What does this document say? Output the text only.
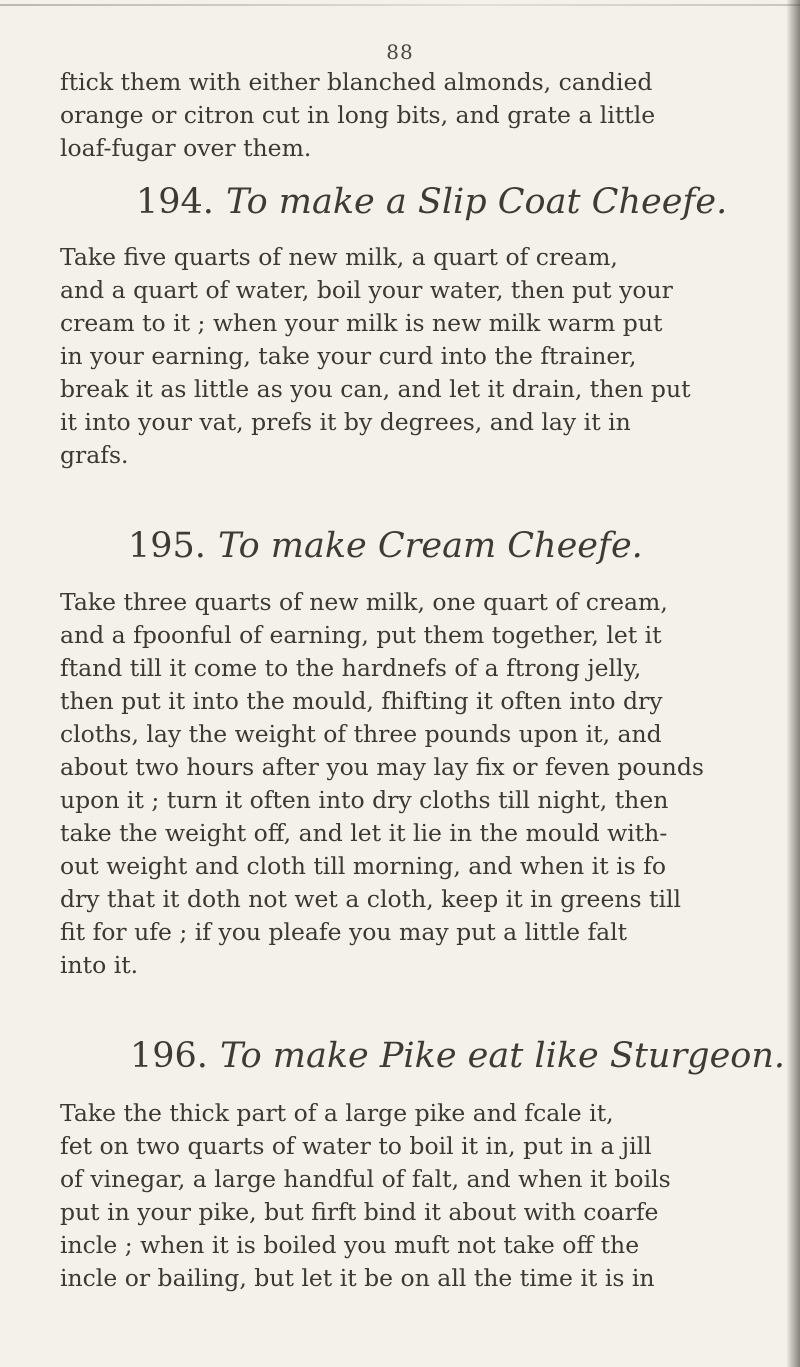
88
ftick them with either blanched almonds, candied
orange or citron cut in long bits, and grate a little
loaf-fugar over them.
194. To make a Slip Coat Cheefe.
Take five quarts of new milk, a quart of cream,
and a quart of water, boil your water, then put your
cream to it ; when your milk is new milk warm put
in your earning, take your curd into the ftrainer,
break it as little as you can, and let it drain, then put
it into your vat, prefs it by degrees, and lay it in
grafs.
195. To make Cream Cheefe.
Take three quarts of new milk, one quart of cream,
and a fpoonful of earning, put them together, let it
ftand till it come to the hardnefs of a ftrong jelly,
then put it into the mould, fhifting it often into dry
cloths, lay the weight of three pounds upon it, and
about two hours after you may lay fix or feven pounds
upon it ; turn it often into dry cloths till night, then
take the weight off, and let it lie in the mould with-
out weight and cloth till morning, and when it is fo
dry that it doth not wet a cloth, keep it in greens till
fit for ufe ; if you pleafe you may put a little falt
into it.
196. To make Pike eat like Sturgeon.
Take the thick part of a large pike and fcale it,
fet on two quarts of water to boil it in, put in a jill
of vinegar, a large handful of falt, and when it boils
put in your pike, but firft bind it about with coarfe
incle ; when it is boiled you muft not take off the
incle or bailing, but let it be on all the time it is in
